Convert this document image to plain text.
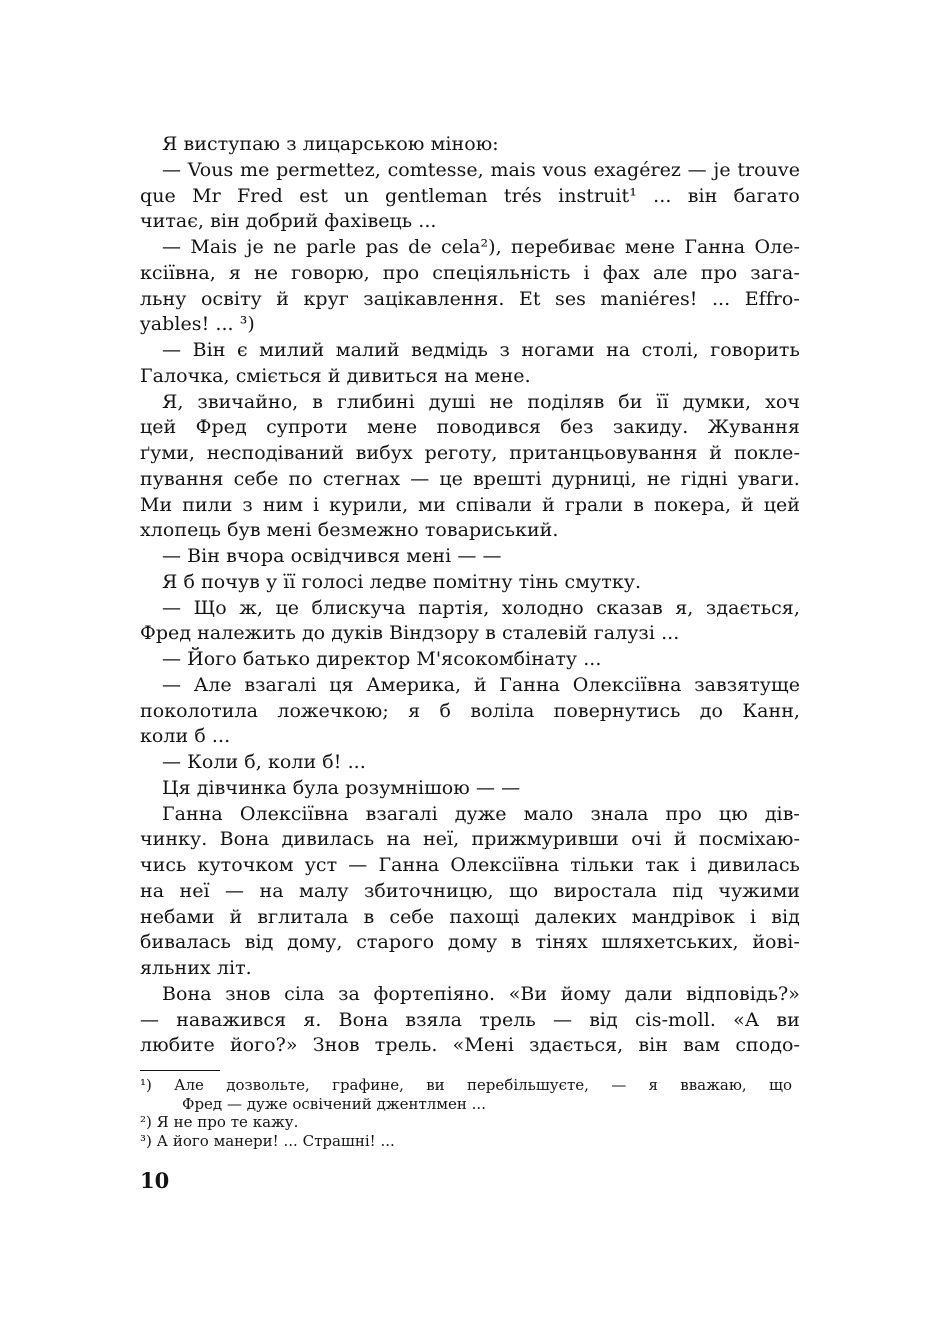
Я виступаю з лицарською міною:
— Vous me permettez, comtesse, mais vous exagérez — je trouve
que Mr Fred est un gentleman trés instruit¹ ... він багато
читає, він добрий фахівець ...
— Mais je ne parle pas de cela²), перебиває мене Ганна Оле-
ксіївна, я не говорю, про спеціяльність і фах але про зага-
льну освіту й круг зацікавлення. Et ses maniéres! ... Effro-
yables! ... ³)
— Він є милий малий ведмідь з ногами на столі, говорить
Галочка, сміється й дивиться на мене.
Я, звичайно, в глибині душі не поділяв би її думки, хоч
цей Фред супроти мене поводився без закиду. Жування
ґуми, несподіваний вибух реготу, пританцьовування й покле-
пування себе по стегнах — це врешті дурниці, не гідні уваги.
Ми пили з ним і курили, ми співали й грали в покера, й цей
хлопець був мені безмежно товариський.
— Він вчора освідчився мені — —
Я б почув у її голосі ледве помітну тінь смутку.
— Що ж, це блискуча партія, холодно сказав я, здається,
Фред належить до дуків Віндзору в сталевій галузі ...
— Його батько директор М'ясокомбінату ...
— Але взагалі ця Америка, й Ганна Олексіївна завзятуще
поколотила ложечкою; я б воліла повернутись до Канн,
коли б ...
— Коли б, коли б! ...
Ця дівчинка була розумнішою — —
Ганна Олексіївна взагалі дуже мало знала про цю дів-
чинку. Вона дивилась на неї, прижмуривши очі й посміхаю-
чись куточком уст — Ганна Олексіївна тільки так і дивилась
на неї — на малу збиточницю, що виростала під чужими
небами й вглитала в себе пахощі далеких мандрівок і від
бивалась від дому, старого дому в тінях шляхетських, йові-
яльних літ.
Вона знов сіла за фортепіяно. «Ви йому дали відповідь?»
— наважився я. Вона взяла трель — від cis-moll. «А ви
любите його?» Знов трель. «Мені здається, він вам сподо-
¹) Але дозвольте, графине, ви перебільшуєте, — я вважаю, що
Фред — дуже освічений джентлмен ...
²) Я не про те кажу.
³) А його манери! ... Страшні! ...
10
